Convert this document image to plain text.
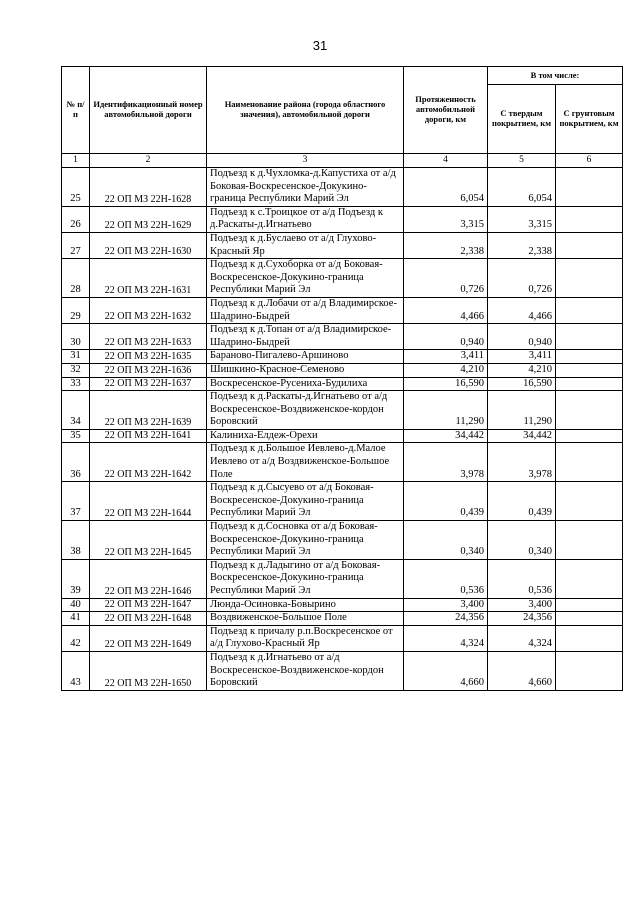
31
№ п/п	Идентификационный номер автомобильной дороги	Наименование района (города областного значения), автомобильной дороги	Протяженность автомобильной дороги, км	В том числе:	
				С твердым покрытием, км	С грунтовым покрытием, км
1	2	3	4	5	6
25	22 ОП МЗ 22Н-1628	Подъезд к д.Чухломка-д.Капустиха от а/д Боковая-Воскресенское-Докукино-граница Республики Марий Эл	6,054	6,054	
26	22 ОП МЗ 22Н-1629	Подъезд к с.Троицкое от а/д Подъезд к д.Раскаты-д.Игнатьево	3,315	3,315	
27	22 ОП МЗ 22Н-1630	Подъезд к д.Буслаево от а/д Глухово-Красный Яр	2,338	2,338	
28	22 ОП МЗ 22Н-1631	Подъезд к д.Сухоборка от а/д Боковая-Воскресенское-Докукино-граница Республики Марий Эл	0,726	0,726	
29	22 ОП МЗ 22Н-1632	Подъезд к д.Лобачи от а/д Владимирское-Шадрино-Быдрей	4,466	4,466	
30	22 ОП МЗ 22Н-1633	Подъезд к д.Топан от а/д Владимирское-Шадрино-Быдрей	0,940	0,940	
31	22 ОП МЗ 22Н-1635	Бараново-Пигалево-Аршиново	3,411	3,411	
32	22 ОП МЗ 22Н-1636	Шишкино-Красное-Семеново	4,210	4,210	
33	22 ОП МЗ 22Н-1637	Воскресенское-Русениха-Будилиха	16,590	16,590	
34	22 ОП МЗ 22Н-1639	Подъезд к д.Раскаты-д.Игнатьево от а/д Воскресенское-Воздвиженское-кордон Боровский	11,290	11,290	
35	22 ОП МЗ 22Н-1641	Калиниха-Елдеж-Орехи	34,442	34,442	
36	22 ОП МЗ 22Н-1642	Подъезд к д.Большое Иевлево-д.Малое Иевлево от а/д Воздвиженское-Большое Поле	3,978	3,978	
37	22 ОП МЗ 22Н-1644	Подъезд к д.Сысуево от а/д Боковая-Воскресенское-Докукино-граница Республики Марий Эл	0,439	0,439	
38	22 ОП МЗ 22Н-1645	Подъезд к д.Сосновка от а/д Боковая-Воскресенское-Докукино-граница Республики Марий Эл	0,340	0,340	
39	22 ОП МЗ 22Н-1646	Подъезд к д.Ладыгино от а/д Боковая-Воскресенское-Докукино-граница Республики Марий Эл	0,536	0,536	
40	22 ОП МЗ 22Н-1647	Люнда-Осиновка-Бовырино	3,400	3,400	
41	22 ОП МЗ 22Н-1648	Воздвиженское-Большое Поле	24,356	24,356	
42	22 ОП МЗ 22Н-1649	Подъезд к причалу р.п.Воскресенское от а/д Глухово-Красный Яр	4,324	4,324	
43	22 ОП МЗ 22Н-1650	Подъезд к д.Игнатьево от а/д Воскресенское-Воздвиженское-кордон Боровский	4,660	4,660	
